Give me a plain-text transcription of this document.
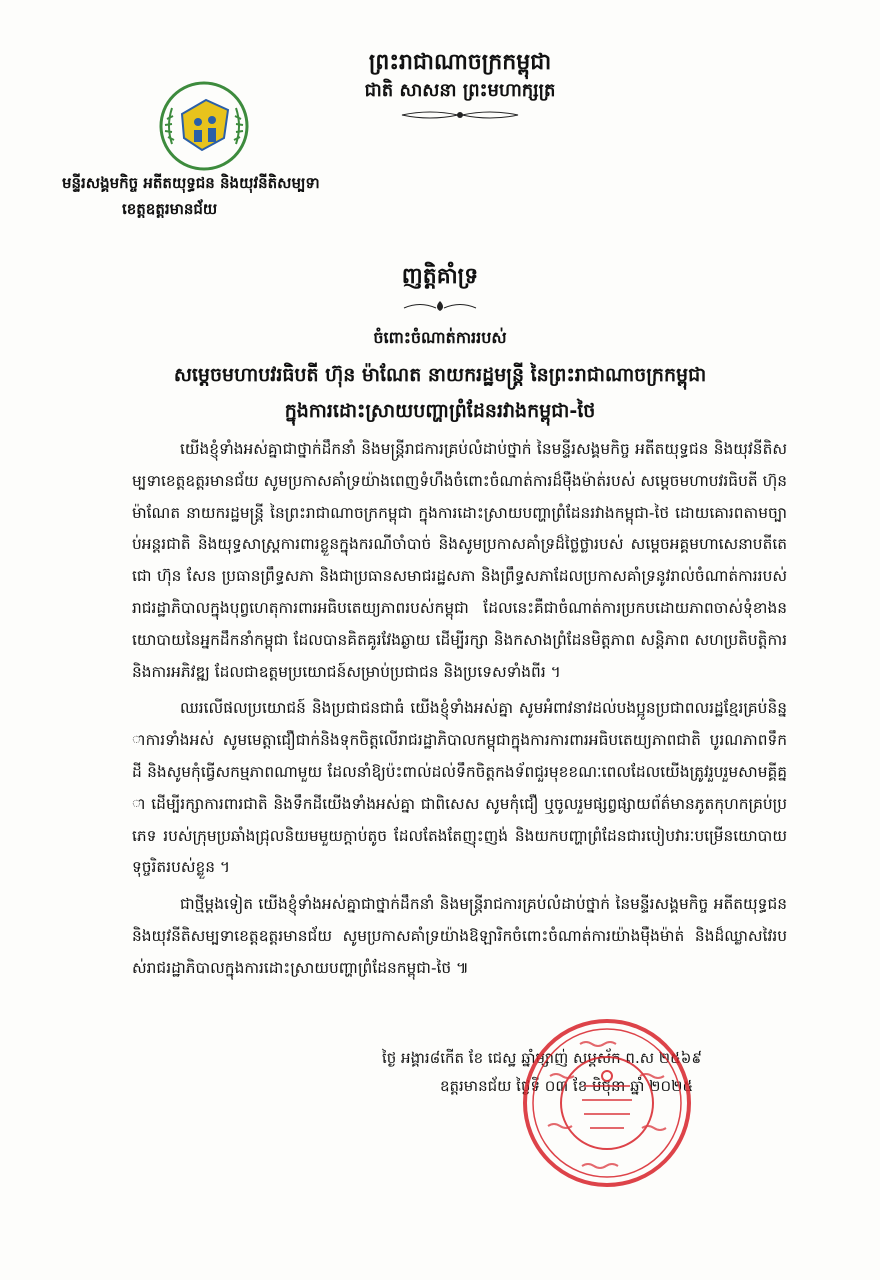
ព្រះរាជាណាចក្រកម្ពុជា
ជាតិ សាសនា ព្រះមហាក្សត្រ
មន្ទីរសង្គមកិច្ច អតីតយុទ្ធជន និងយុវនីតិសម្បទា
ខេត្តឧត្តរមានជ័យ
ញត្តិគាំទ្រ
ចំពោះចំណាត់ការរបស់
សម្ដេចមហាបវរធិបតី ហ៊ុន ម៉ាណែត នាយករដ្ឋមន្ត្រី នៃព្រះរាជាណាចក្រកម្ពុជា
ក្នុងការដោះស្រាយបញ្ហាព្រំដែនរវាងកម្ពុជា-ថៃ

យើងខ្ញុំទាំងអស់គ្នាជាថ្នាក់ដឹកនាំ និងមន្ត្រីរាជការគ្រប់លំដាប់ថ្នាក់ នៃមន្ទីរសង្គមកិច្ច អតីតយុទ្ធជន និងយុវនីតិសម្បទាខេត្តឧត្តរមានជ័យ សូមប្រកាសគាំទ្រយ៉ាងពេញទំហឹងចំពោះចំណាត់ការដ៏ម៉ឺងម៉ាត់របស់ សម្ដេចមហាបវរធិបតី ហ៊ុន ម៉ាណែត នាយករដ្ឋមន្ត្រី នៃព្រះរាជាណាចក្រកម្ពុជា ក្នុងការដោះស្រាយបញ្ហាព្រំដែនរវាងកម្ពុជា-ថៃ ដោយគោរពតាមច្បាប់អន្តរជាតិ និងយុទ្ធសាស្ត្រការពារខ្លួនក្នុងករណីចាំបាច់ និងសូមប្រកាសគាំទ្រដ៏ថ្លៃថ្លារបស់ សម្ដេចអគ្គមហាសេនាបតីតេជោ ហ៊ុន សែន ប្រធានព្រឹទ្ធសភា និងជាប្រធានសមាជរដ្ឋសភា និងព្រឹទ្ធសភាដែលប្រកាសគាំទ្រនូវរាល់ចំណាត់ការរបស់រាជរដ្ឋាភិបាលក្នុងបុព្វហេតុការពារអធិបតេយ្យភាពរបស់កម្ពុជា ដែលនេះគឺជាចំណាត់ការប្រកបដោយភាពចាស់ទុំខាងនយោបាយនៃអ្នកដឹកនាំកម្ពុជា ដែលបានគិតគូរវែងឆ្ងាយ ដើម្បីរក្សា និងកសាងព្រំដែនមិត្តភាព សន្តិភាព សហប្រតិបត្តិការ និងការអភិវឌ្ឍ ដែលជាឧត្តមប្រយោជន៍សម្រាប់ប្រជាជន និងប្រទេសទាំងពីរ ។

ឈរលើផលប្រយោជន៍ និងប្រជាជនជាធំ យើងខ្ញុំទាំងអស់គ្នា សូមអំពាវនាវដល់បងប្អូនប្រជាពលរដ្ឋខ្មែរគ្រប់និន្នាការទាំងអស់ សូមមេត្តាជឿជាក់និងទុកចិត្តលើរាជរដ្ឋាភិបាលកម្ពុជាក្នុងការការពារអធិបតេយ្យភាពជាតិ បូរណភាពទឹកដី និងសូមកុំធ្វើសកម្មភាពណាមួយ ដែលនាំឱ្យប៉ះពាល់ដល់ទឹកចិត្តកងទ័ពជួរមុខខណៈពេលដែលយើងត្រូវរួបរួមសាមគ្គីគ្នា ដើម្បីរក្សាការពារជាតិ និងទឹកដីយើងទាំងអស់គ្នា ជាពិសេស សូមកុំជឿ ឬចូលរួមផ្សព្វផ្សាយព័ត៌មានភូតកុហកគ្រប់ប្រភេទ របស់ក្រុមប្រឆាំងជ្រុលនិយមមួយក្ដាប់តូច ដែលតែងតែញុះញង់ និងយកបញ្ហាព្រំដែនជារបៀបវារៈបម្រើនយោបាយទុច្ចរិតរបស់ខ្លួន ។

ជាថ្មីម្ដងទៀត យើងខ្ញុំទាំងអស់គ្នាជាថ្នាក់ដឹកនាំ និងមន្ត្រីរាជការគ្រប់លំដាប់ថ្នាក់ នៃមន្ទីរសង្គមកិច្ច អតីតយុទ្ធជន និងយុវនីតិសម្បទាខេត្តឧត្តរមានជ័យ សូមប្រកាសគាំទ្រយ៉ាងឱឡារិកចំពោះចំណាត់ការយ៉ាងម៉ឺងម៉ាត់ និងដ៏ឈ្លាសវៃរបស់រាជរដ្ឋាភិបាលក្នុងការដោះស្រាយបញ្ហាព្រំដែនកម្ពុជា-ថៃ ៕

ថ្ងៃ អង្គារ៨កើត ខែ ជេស្ឋ ឆ្នាំម្សាញ់ សប្តស័ក ព.ស ២៥៦៩
ឧត្តរមានជ័យ ថ្ងៃទី ០៣ ខែ មិថុនា ឆ្នាំ ២០២៥
